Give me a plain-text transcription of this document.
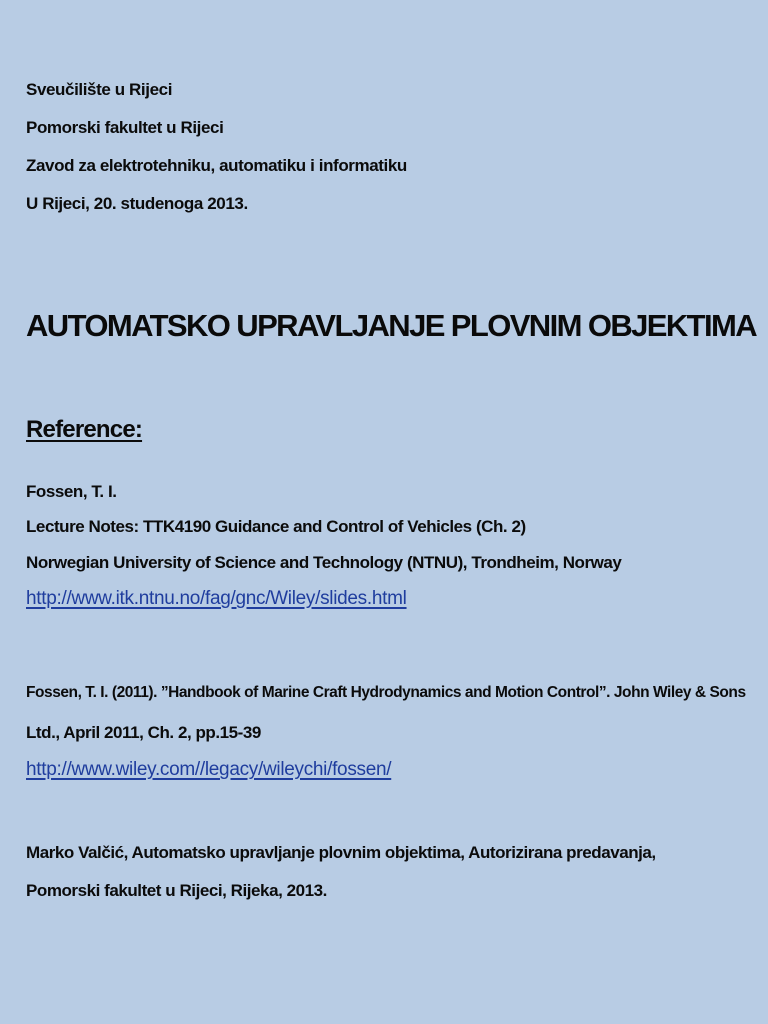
Sveučilište u Rijeci
Pomorski fakultet u Rijeci
Zavod za elektrotehniku, automatiku i informatiku
U Rijeci, 20. studenoga 2013.
AUTOMATSKO UPRAVLJANJE PLOVNIM OBJEKTIMA
Reference:
Fossen, T. I.
Lecture Notes: TTK4190 Guidance and Control of Vehicles (Ch. 2)
Norwegian University of Science and Technology (NTNU), Trondheim, Norway
http://www.itk.ntnu.no/fag/gnc/Wiley/slides.html
Fossen, T. I. (2011). ”Handbook of Marine Craft Hydrodynamics and Motion Control”. John Wiley & Sons
Ltd., April 2011, Ch. 2, pp.15-39
http://www.wiley.com//legacy/wileychi/fossen/
Marko Valčić, Automatsko upravljanje plovnim objektima, Autorizirana predavanja,
Pomorski fakultet u Rijeci, Rijeka, 2013.
